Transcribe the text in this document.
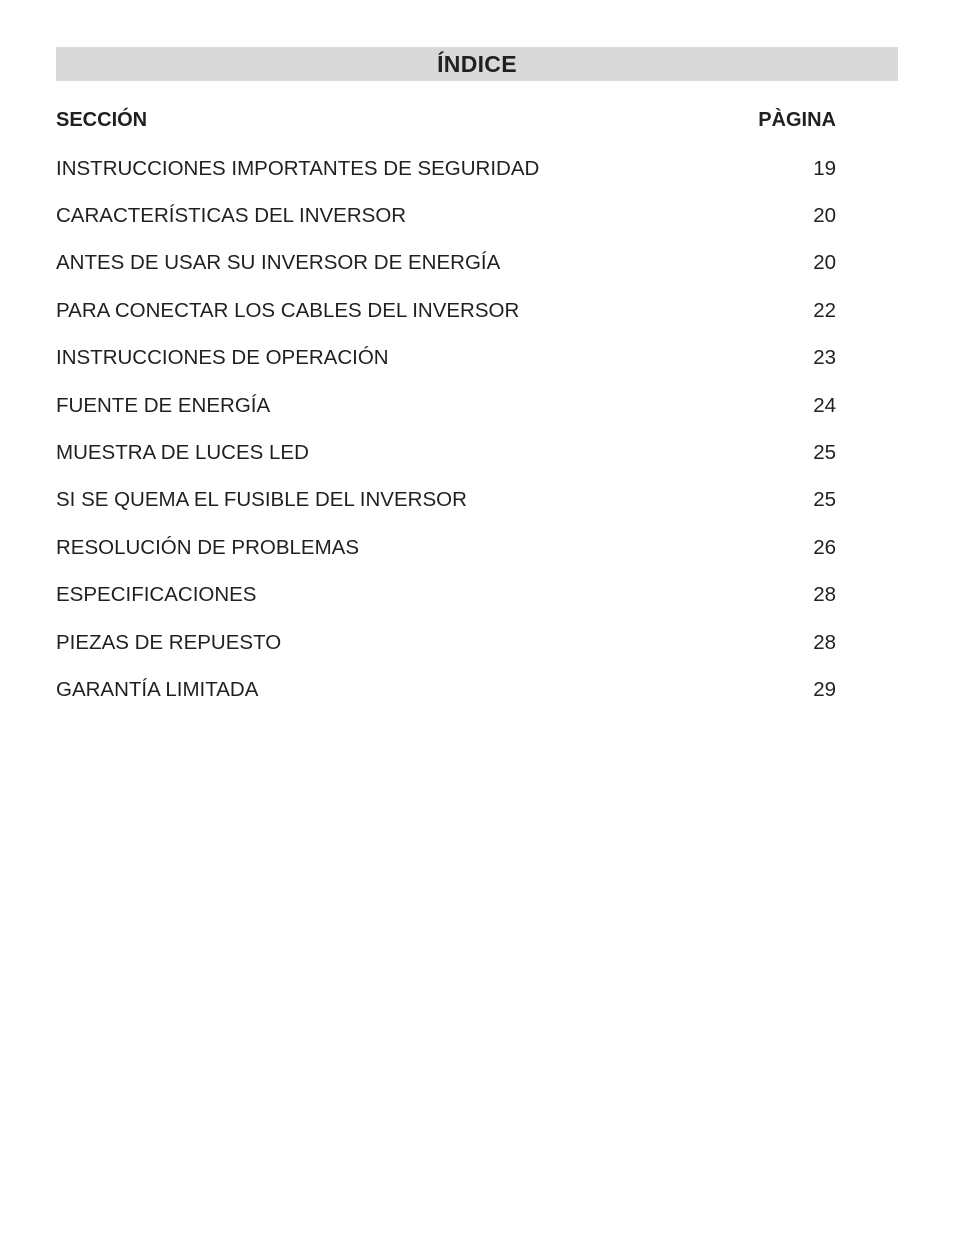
ÍNDICE
SECCIÓN	PÀGINA
INSTRUCCIONES IMPORTANTES DE SEGURIDAD	19
CARACTERÍSTICAS DEL INVERSOR	20
ANTES DE USAR SU INVERSOR DE ENERGÍA	20
PARA CONECTAR LOS CABLES DEL INVERSOR	22
INSTRUCCIONES DE OPERACIÓN	23
FUENTE DE ENERGÍA	24
MUESTRA DE LUCES LED	25
SI SE QUEMA EL FUSIBLE DEL INVERSOR	25
RESOLUCIÓN DE PROBLEMAS	26
ESPECIFICACIONES	28
PIEZAS DE REPUESTO	28
GARANTÍA LIMITADA	29
